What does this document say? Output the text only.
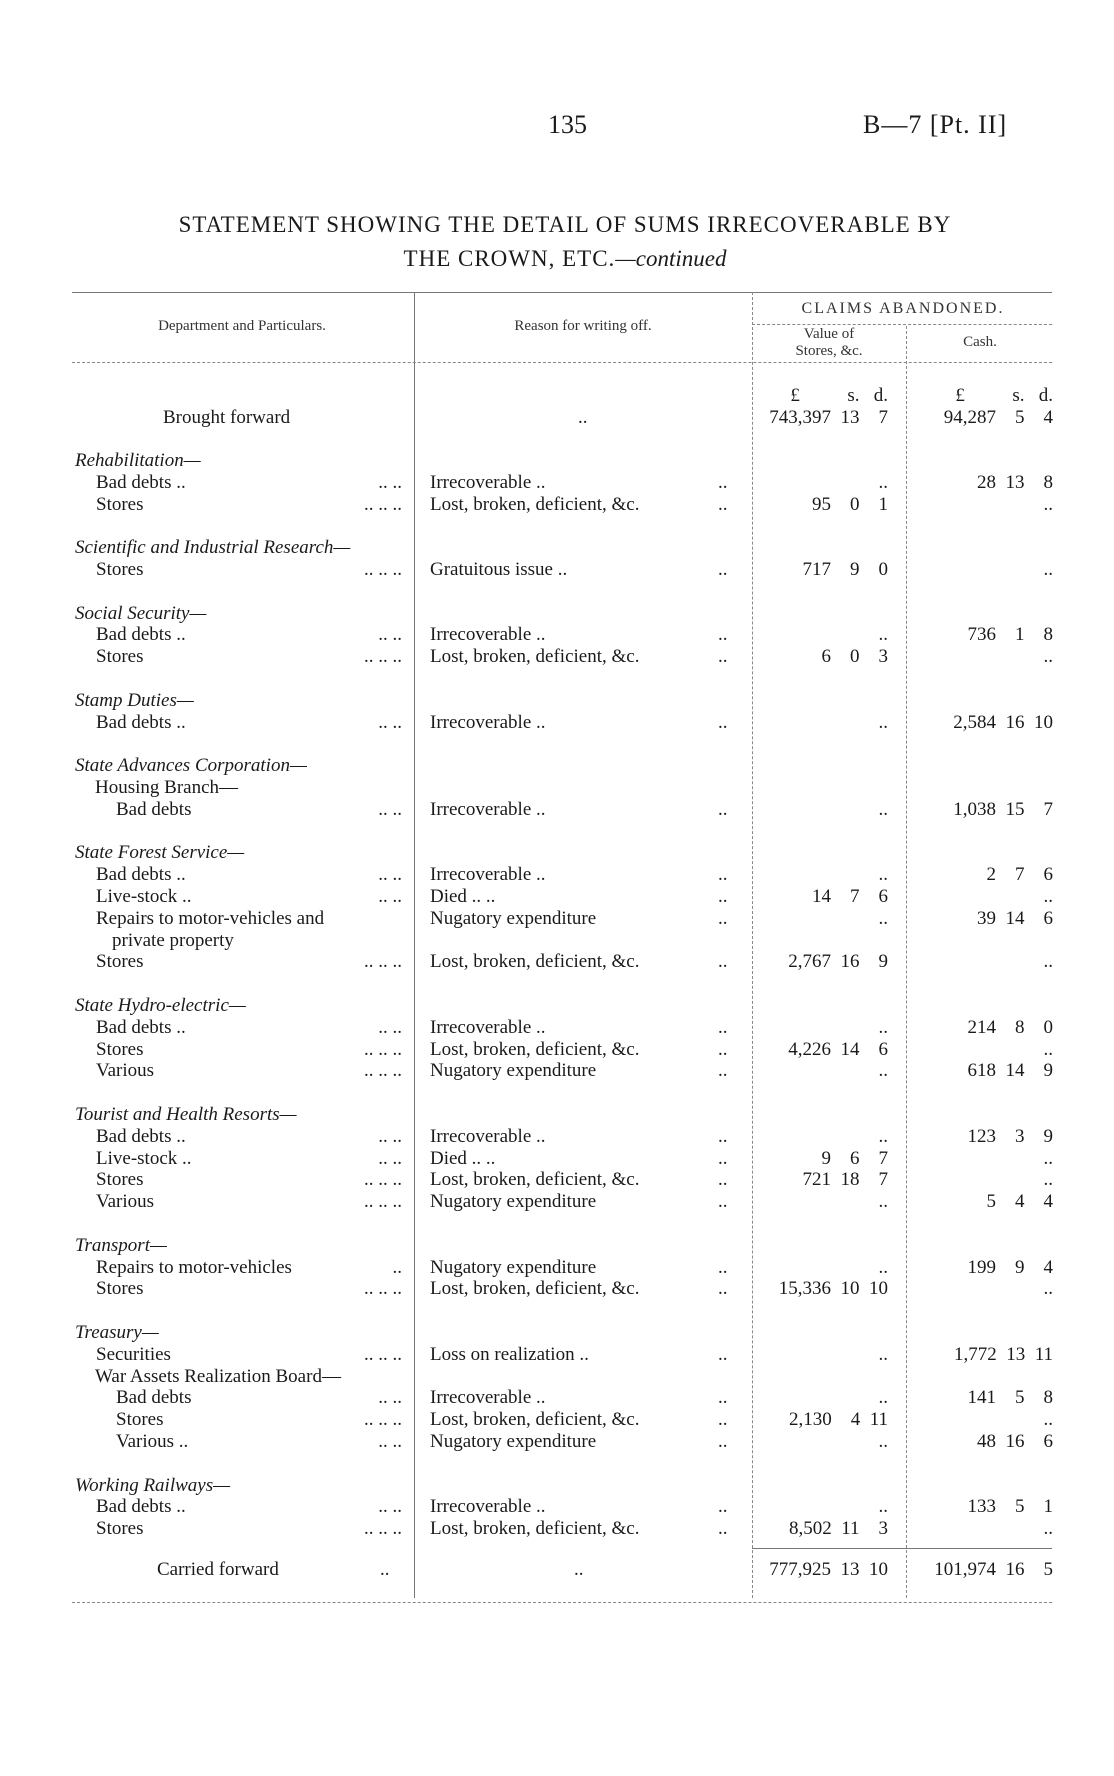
135	B—7 [Pt. II]
STATEMENT SHOWING THE DETAIL OF SUMS IRRECOVERABLE BY
THE CROWN, ETC.—continued
Department and Particulars.	Reason for writing off.
CLAIMS ABANDONED.
Value of
Stores, &c.
Cash.
£          s.   d.	£          s.   d.
Brought forward	..	743,397  13    7	94,287    5    4
Rehabilitation—
Bad debts ..	.. .. Irrecoverable ..	..	..	28  13    8
Stores	.. .. .. Lost, broken, deficient, &c.	..	95    0    1	..
Scientific and Industrial Research—
Stores	.. .. .. Gratuitous issue ..	..	717    9    0	..
Social Security—
Bad debts ..	.. .. Irrecoverable ..	..	..	736    1    8
Stores	.. .. .. Lost, broken, deficient, &c.	..	6    0    3	..
Stamp Duties—
Bad debts ..	.. .. Irrecoverable ..	..	..	2,584  16  10
State Advances Corporation—
Housing Branch—
Bad debts	.. .. Irrecoverable ..	..	..	1,038  15    7
State Forest Service—
Bad debts ..	.. .. Irrecoverable ..	..	..	2    7    6
Live-stock ..	.. .. Died .. ..	..	14    7    6	..
Repairs to motor-vehicles and	Nugatory expenditure	..	..	39  14    6
private property
Stores	.. .. .. Lost, broken, deficient, &c.	..	2,767  16    9	..
State Hydro-electric—
Bad debts ..	.. .. Irrecoverable ..	..	..	214    8    0
Stores	.. .. .. Lost, broken, deficient, &c.	..	4,226  14    6	..
Various	.. .. .. Nugatory expenditure	..	..	618  14    9
Tourist and Health Resorts—
Bad debts ..	.. .. Irrecoverable ..	..	..	123    3    9
Live-stock ..	.. .. Died .. ..	..	9    6    7	..
Stores	.. .. .. Lost, broken, deficient, &c.	..	721  18    7	..
Various	.. .. .. Nugatory expenditure	..	..	5    4    4
Transport—
Repairs to motor-vehicles	.. Nugatory expenditure	..	..	199    9    4
Stores	.. .. .. Lost, broken, deficient, &c.	..	15,336  10  10	..
Treasury—
Securities	.. .. .. Loss on realization ..	..	..	1,772  13  11
War Assets Realization Board—
Bad debts	.. .. Irrecoverable ..	..	..	141    5    8
Stores	.. .. .. Lost, broken, deficient, &c.	..	2,130    4  11	..
Various ..	.. .. Nugatory expenditure	..	..	48  16    6
Working Railways—
Bad debts ..	.. .. Irrecoverable ..	..	..	133    5    1
Stores	.. .. .. Lost, broken, deficient, &c.	..	8,502  11    3	..
Carried forward	..	..	777,925  13  10	101,974  16    5
